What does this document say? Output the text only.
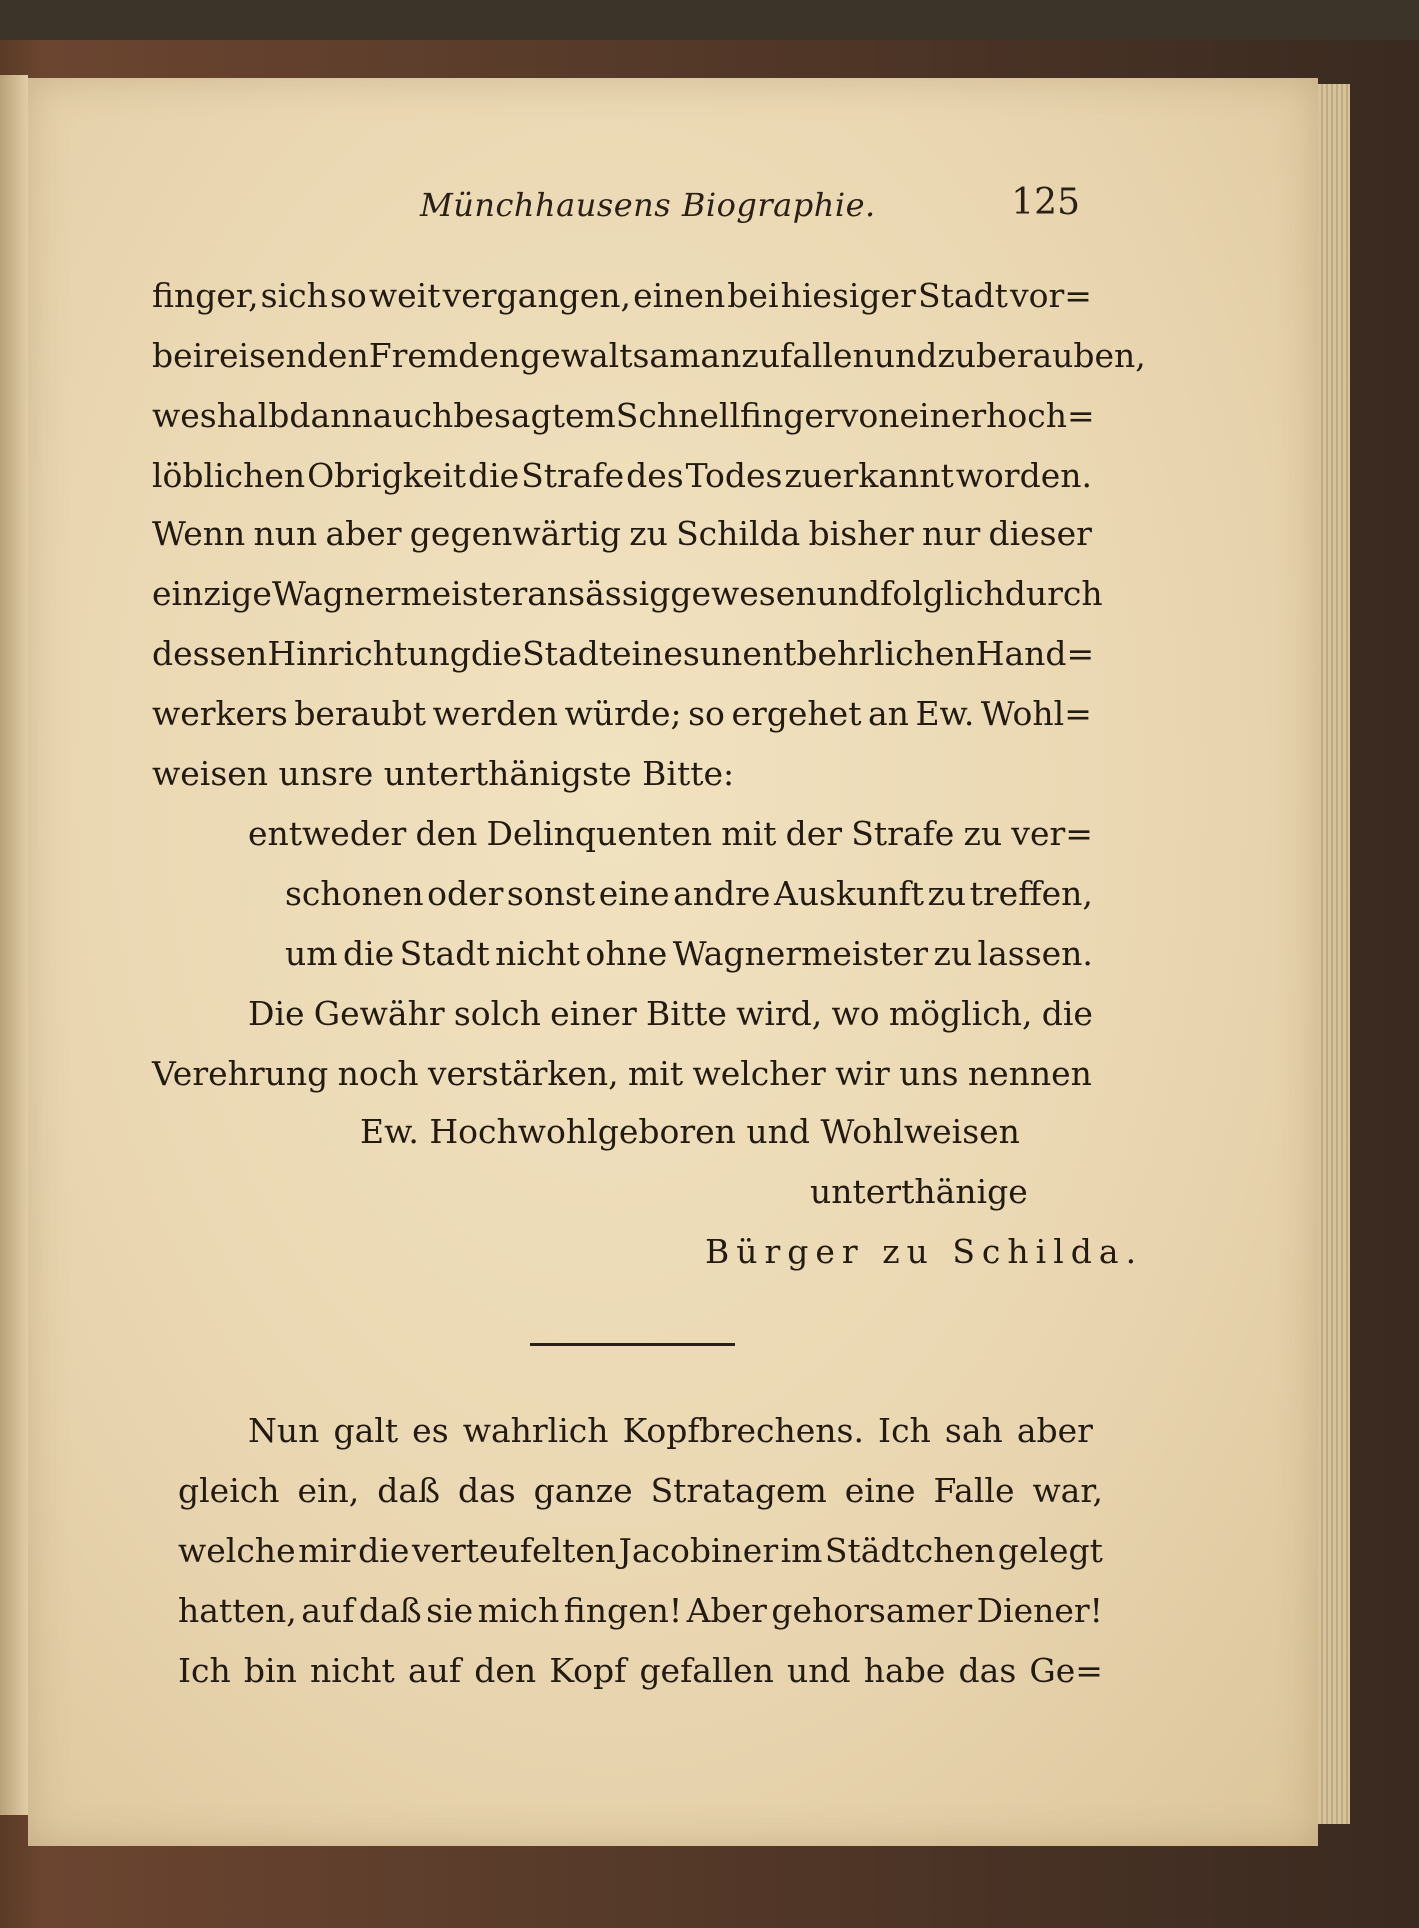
Münchhausens Biographie.	125
finger, sich so weit vergangen, einen bei hiesiger Stadt vor=
beireisenden Fremden gewaltsam anzufallen und zu berauben,
weshalb dann auch besagtem Schnellfinger von einer hoch=
löblichen Obrigkeit die Strafe des Todes zuerkannt worden.
Wenn nun aber gegenwärtig zu Schilda bisher nur dieser
einzige Wagnermeister ansässig gewesen und folglich durch
dessen Hinrichtung die Stadt eines unentbehrlichen Hand=
werkers beraubt werden würde; so ergehet an Ew. Wohl=
weisen unsre unterthänigste Bitte:
entweder den Delinquenten mit der Strafe zu ver=
schonen oder sonst eine andre Auskunft zu treffen,
um die Stadt nicht ohne Wagnermeister zu lassen.
Die Gewähr solch einer Bitte wird, wo möglich, die
Verehrung noch verstärken, mit welcher wir uns nennen
Ew. Hochwohlgeboren und Wohlweisen
unterthänige
Bürger zu Schilda.
Nun galt es wahrlich Kopfbrechens. Ich sah aber
gleich ein, daß das ganze Stratagem eine Falle war,
welche mir die verteufelten Jacobiner im Städtchen gelegt
hatten, auf daß sie mich fingen! Aber gehorsamer Diener!
Ich bin nicht auf den Kopf gefallen und habe das Ge=
